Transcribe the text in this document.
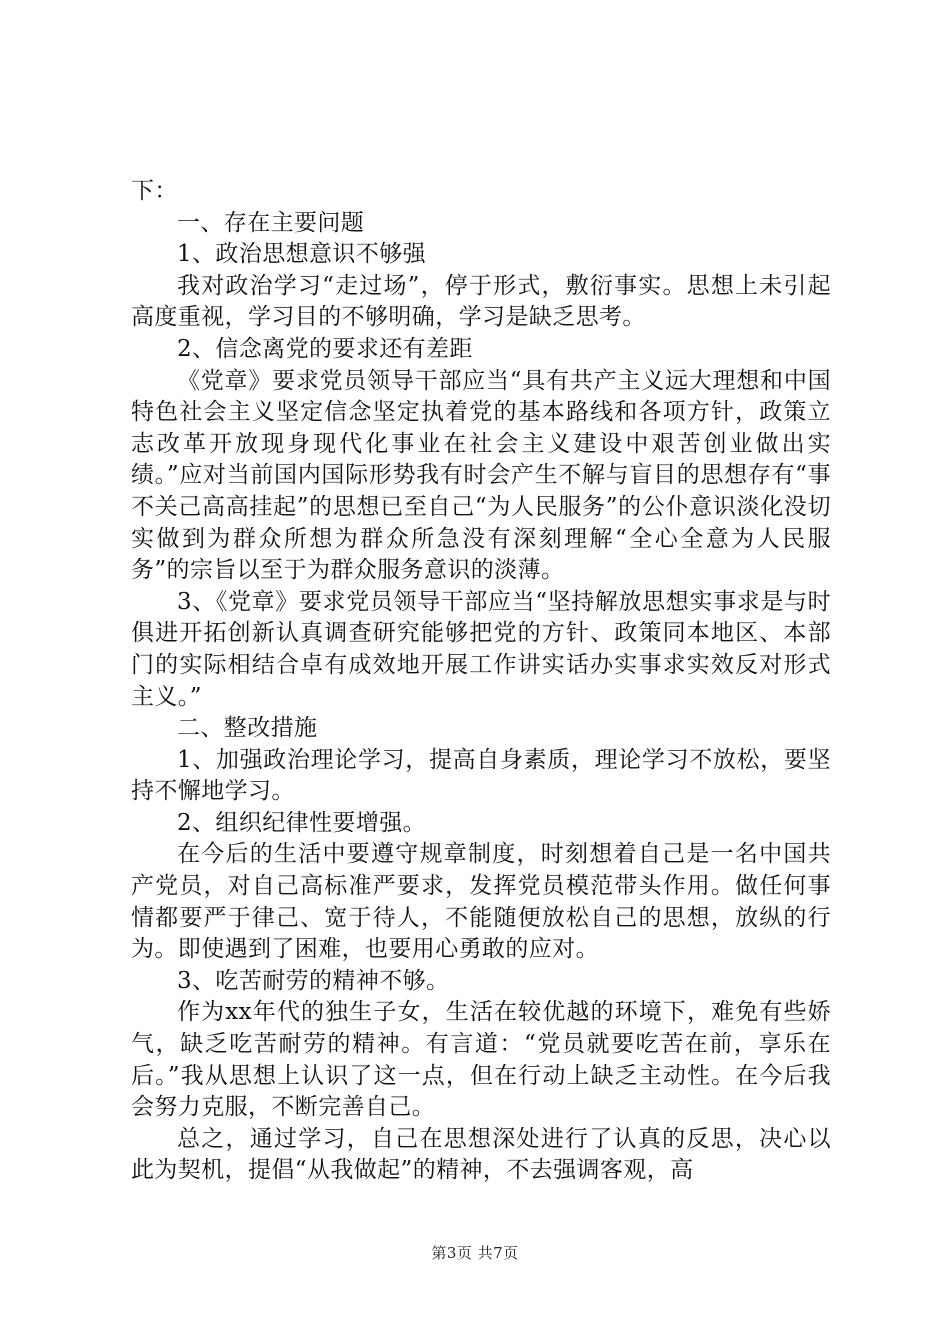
下：

一、存在主要问题

1、政治思想意识不够强

我对政治学习“走过场”，停于形式，敷衍事实。思想上未引起高度重视，学习目的不够明确，学习是缺乏思考。

2、信念离党的要求还有差距

《党章》要求党员领导干部应当“具有共产主义远大理想和中国特色社会主义坚定信念坚定执着党的基本路线和各项方针，政策立志改革开放现身现代化事业在社会主义建设中艰苦创业做出实绩。”应对当前国内国际形势我有时会产生不解与盲目的思想存有“事不关己高高挂起”的思想已至自己“为人民服务”的公仆意识淡化没切实做到为群众所想为群众所急没有深刻理解“全心全意为人民服务”的宗旨以至于为群众服务意识的淡薄。

3、《党章》要求党员领导干部应当“坚持解放思想实事求是与时俱进开拓创新认真调查研究能够把党的方针、政策同本地区、本部门的实际相结合卓有成效地开展工作讲实话办实事求实效反对形式主义。”

二、整改措施

1、加强政治理论学习，提高自身素质，理论学习不放松，要坚持不懈地学习。

2、组织纪律性要增强。

在今后的生活中要遵守规章制度，时刻想着自己是一名中国共产党员，对自己高标准严要求，发挥党员模范带头作用。做任何事情都要严于律己、宽于待人，不能随便放松自己的思想，放纵的行为。即使遇到了困难，也要用心勇敢的应对。

3、吃苦耐劳的精神不够。

作为xx年代的独生子女，生活在较优越的环境下，难免有些娇气，缺乏吃苦耐劳的精神。有言道：“党员就要吃苦在前，享乐在后。”我从思想上认识了这一点，但在行动上缺乏主动性。在今后我会努力克服，不断完善自己。

总之，通过学习，自己在思想深处进行了认真的反思，决心以此为契机，提倡“从我做起”的精神，不去强调客观，高

第3页 共7页
